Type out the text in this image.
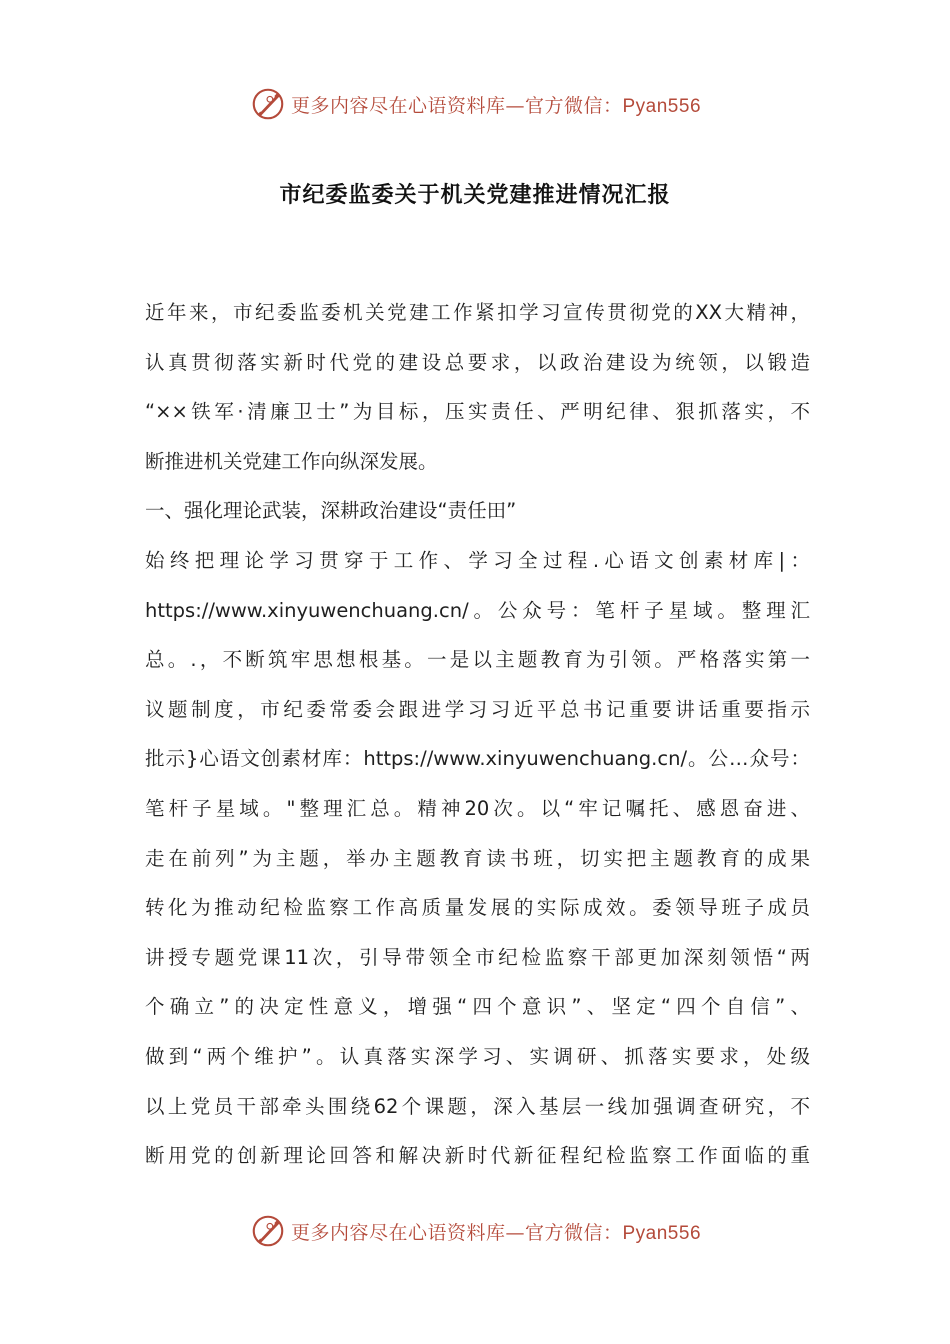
更多内容尽在心语资料库—官方微信：Pyan556
市纪委监委关于机关党建推进情况汇报
近年来，市纪委监委机关党建工作紧扣学习宣传贯彻党的XX大精神，
认真贯彻落实新时代党的建设总要求，以政治建设为统领，以锻造
“××铁军·清廉卫士”为目标，压实责任、严明纪律、狠抓落实，不
断推进机关党建工作向纵深发展。
一、强化理论武装，深耕政治建设“责任田”
始终把理论学习贯穿于工作、学习全过程.心语文创素材库|：
https://www.xinyuwenchuang.cn/。公众号：笔杆子星域。整理汇
总。.，不断筑牢思想根基。一是以主题教育为引领。严格落实第一
议题制度，市纪委常委会跟进学习习近平总书记重要讲话重要指示
批示}心语文创素材库：https://www.xinyuwenchuang.cn/。公…众号：
笔杆子星域。"整理汇总。精神20次。以“牢记嘱托、感恩奋进、
走在前列”为主题，举办主题教育读书班，切实把主题教育的成果
转化为推动纪检监察工作高质量发展的实际成效。委领导班子成员
讲授专题党课11次，引导带领全市纪检监察干部更加深刻领悟“两
个确立”的决定性意义，增强“四个意识”、坚定“四个自信”、
做到“两个维护”。认真落实深学习、实调研、抓落实要求，处级
以上党员干部牵头围绕62个课题，深入基层一线加强调查研究，不
断用党的创新理论回答和解决新时代新征程纪检监察工作面临的重
更多内容尽在心语资料库—官方微信：Pyan556
